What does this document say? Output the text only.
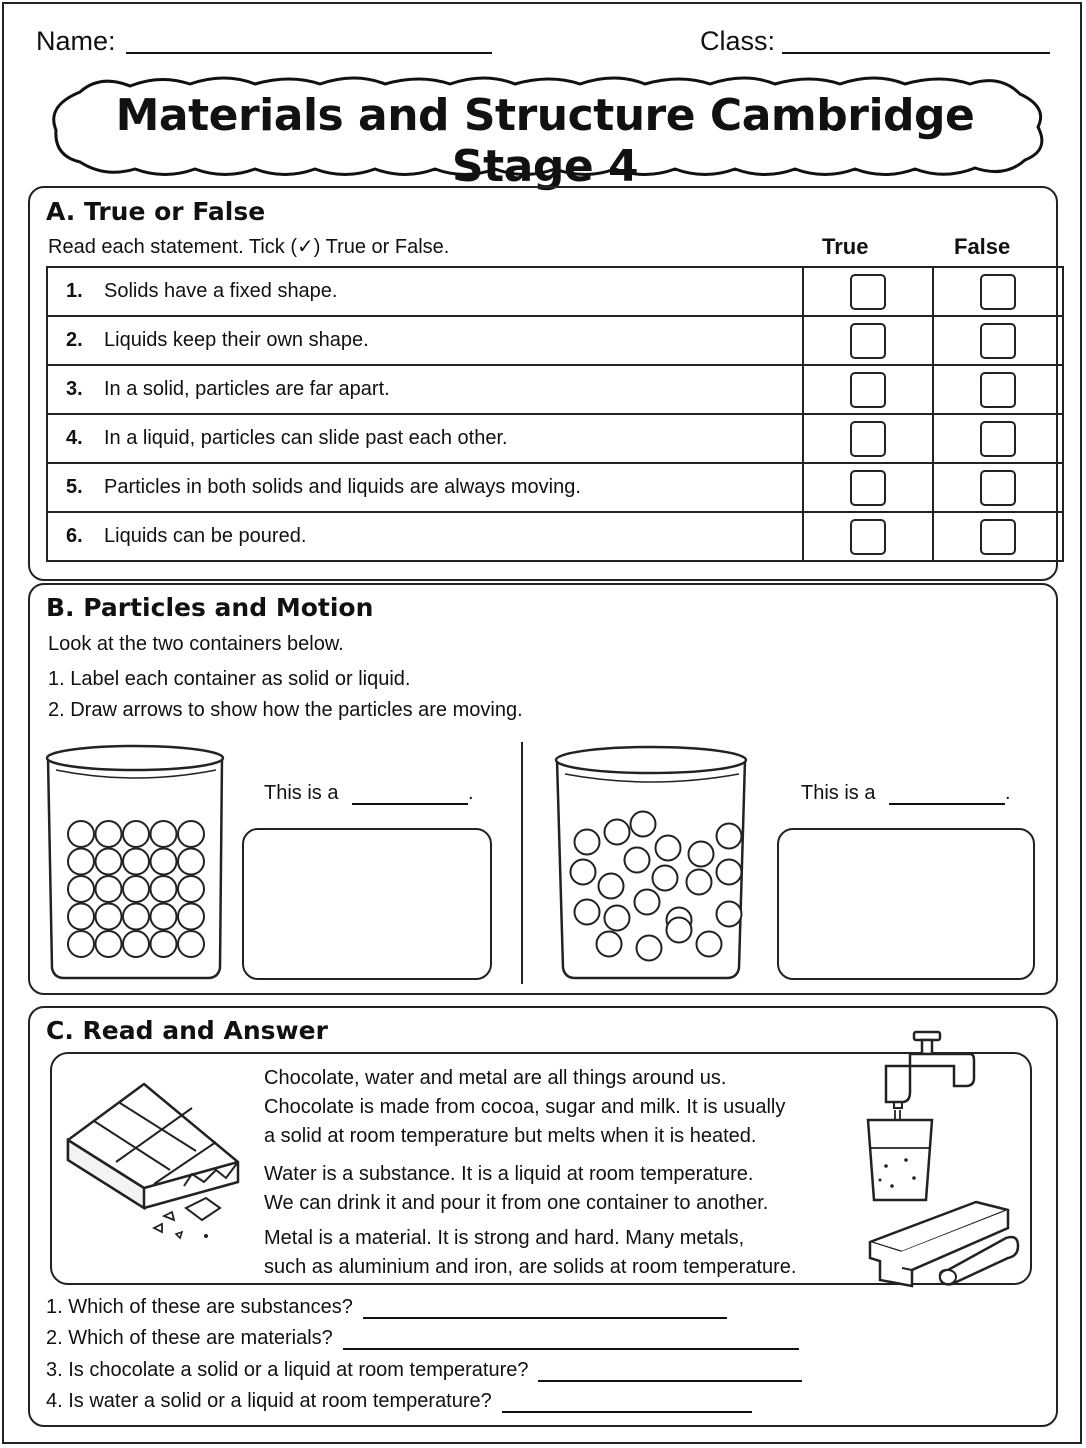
Name:	Class:
Materials and Structure Cambridge Stage 4
A. True or False
Read each statement. Tick (✓) True or False.	True	False
1. Solids have a fixed shape.		
2. Liquids keep their own shape.		
3. In a solid, particles are far apart.		
4. In a liquid, particles can slide past each other.		
5. Particles in both solids and liquids are always moving.		
6. Liquids can be poured.		
B. Particles and Motion
Look at the two containers below.
1. Label each container as solid or liquid.
2. Draw arrows to show how the particles are moving.
This is a	.	This is a	.
C. Read and Answer
Chocolate, water and metal are all things around us.
Chocolate is made from cocoa, sugar and milk. It is usually
a solid at room temperature but melts when it is heated.
Water is a substance. It is a liquid at room temperature.
We can drink it and pour it from one container to another.
Metal is a material. It is strong and hard. Many metals,
such as aluminium and iron, are solids at room temperature.
1. Which of these are substances?
2. Which of these are materials?
3. Is chocolate a solid or a liquid at room temperature?
4. Is water a solid or a liquid at room temperature?
